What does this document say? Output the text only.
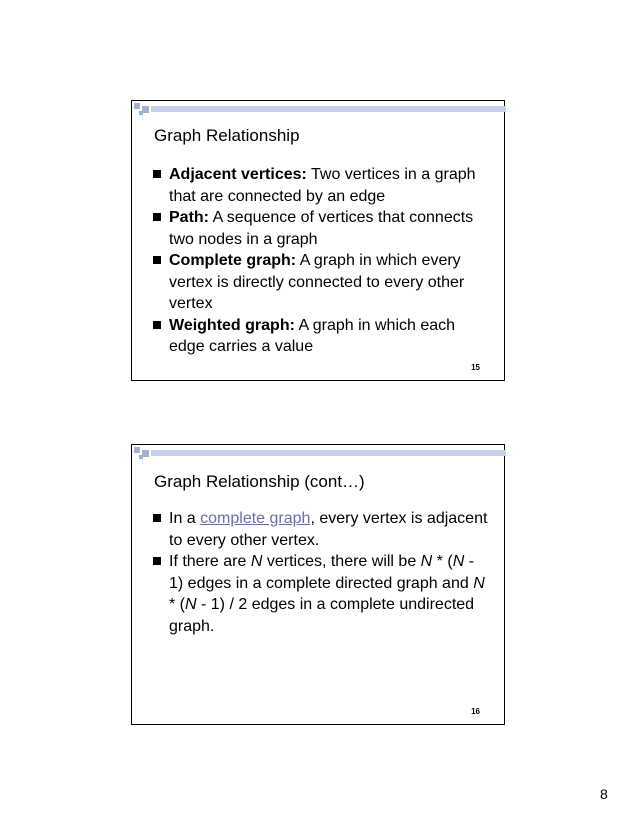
Graph Relationship
Adjacent vertices: Two vertices in a graph that are connected by an edge
Path: A sequence of vertices that connects two nodes in a graph
Complete graph: A graph in which every vertex is directly connected to every other vertex
Weighted graph: A graph in which each edge carries a value
15
Graph Relationship (cont…)
In a complete graph, every vertex is adjacent to every other vertex.
If there are N vertices, there will be N * (N - 1) edges in a complete directed graph and N * (N - 1) / 2 edges in a complete undirected graph.
16
8
